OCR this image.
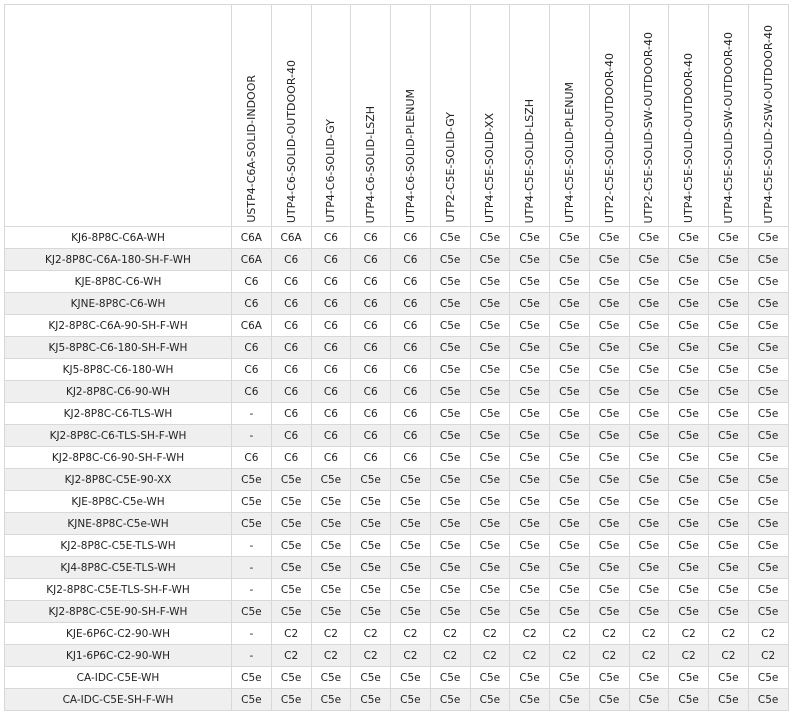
	USTP4-C6A-SOLID-INDOOR	UTP4-C6-SOLID-OUTDOOR-40	UTP4-C6-SOLID-GY	UTP4-C6-SOLID-LSZH	UTP4-C6-SOLID-PLENUM	UTP2-C5E-SOLID-GY	UTP4-C5E-SOLID-XX	UTP4-C5E-SOLID-LSZH	UTP4-C5E-SOLID-PLENUM	UTP2-C5E-SOLID-OUTDOOR-40	UTP2-C5E-SOLID-SW-OUTDOOR-40	UTP4-C5E-SOLID-OUTDOOR-40	UTP4-C5E-SOLID-SW-OUTDOOR-40	UTP4-C5E-SOLID-2SW-OUTDOOR-40
KJ6-8P8C-C6A-WH	C6A	C6A	C6	C6	C6	C5e	C5e	C5e	C5e	C5e	C5e	C5e	C5e	C5e
KJ2-8P8C-C6A-180-SH-F-WH	C6A	C6	C6	C6	C6	C5e	C5e	C5e	C5e	C5e	C5e	C5e	C5e	C5e
KJE-8P8C-C6-WH	C6	C6	C6	C6	C6	C5e	C5e	C5e	C5e	C5e	C5e	C5e	C5e	C5e
KJNE-8P8C-C6-WH	C6	C6	C6	C6	C6	C5e	C5e	C5e	C5e	C5e	C5e	C5e	C5e	C5e
KJ2-8P8C-C6A-90-SH-F-WH	C6A	C6	C6	C6	C6	C5e	C5e	C5e	C5e	C5e	C5e	C5e	C5e	C5e
KJ5-8P8C-C6-180-SH-F-WH	C6	C6	C6	C6	C6	C5e	C5e	C5e	C5e	C5e	C5e	C5e	C5e	C5e
KJ5-8P8C-C6-180-WH	C6	C6	C6	C6	C6	C5e	C5e	C5e	C5e	C5e	C5e	C5e	C5e	C5e
KJ2-8P8C-C6-90-WH	C6	C6	C6	C6	C6	C5e	C5e	C5e	C5e	C5e	C5e	C5e	C5e	C5e
KJ2-8P8C-C6-TLS-WH	-	C6	C6	C6	C6	C5e	C5e	C5e	C5e	C5e	C5e	C5e	C5e	C5e
KJ2-8P8C-C6-TLS-SH-F-WH	-	C6	C6	C6	C6	C5e	C5e	C5e	C5e	C5e	C5e	C5e	C5e	C5e
KJ2-8P8C-C6-90-SH-F-WH	C6	C6	C6	C6	C6	C5e	C5e	C5e	C5e	C5e	C5e	C5e	C5e	C5e
KJ2-8P8C-C5E-90-XX	C5e	C5e	C5e	C5e	C5e	C5e	C5e	C5e	C5e	C5e	C5e	C5e	C5e	C5e
KJE-8P8C-C5e-WH	C5e	C5e	C5e	C5e	C5e	C5e	C5e	C5e	C5e	C5e	C5e	C5e	C5e	C5e
KJNE-8P8C-C5e-WH	C5e	C5e	C5e	C5e	C5e	C5e	C5e	C5e	C5e	C5e	C5e	C5e	C5e	C5e
KJ2-8P8C-C5E-TLS-WH	-	C5e	C5e	C5e	C5e	C5e	C5e	C5e	C5e	C5e	C5e	C5e	C5e	C5e
KJ4-8P8C-C5E-TLS-WH	-	C5e	C5e	C5e	C5e	C5e	C5e	C5e	C5e	C5e	C5e	C5e	C5e	C5e
KJ2-8P8C-C5E-TLS-SH-F-WH	-	C5e	C5e	C5e	C5e	C5e	C5e	C5e	C5e	C5e	C5e	C5e	C5e	C5e
KJ2-8P8C-C5E-90-SH-F-WH	C5e	C5e	C5e	C5e	C5e	C5e	C5e	C5e	C5e	C5e	C5e	C5e	C5e	C5e
KJE-6P6C-C2-90-WH	-	C2	C2	C2	C2	C2	C2	C2	C2	C2	C2	C2	C2	C2
KJ1-6P6C-C2-90-WH	-	C2	C2	C2	C2	C2	C2	C2	C2	C2	C2	C2	C2	C2
CA-IDC-C5E-WH	C5e	C5e	C5e	C5e	C5e	C5e	C5e	C5e	C5e	C5e	C5e	C5e	C5e	C5e
CA-IDC-C5E-SH-F-WH	C5e	C5e	C5e	C5e	C5e	C5e	C5e	C5e	C5e	C5e	C5e	C5e	C5e	C5e
